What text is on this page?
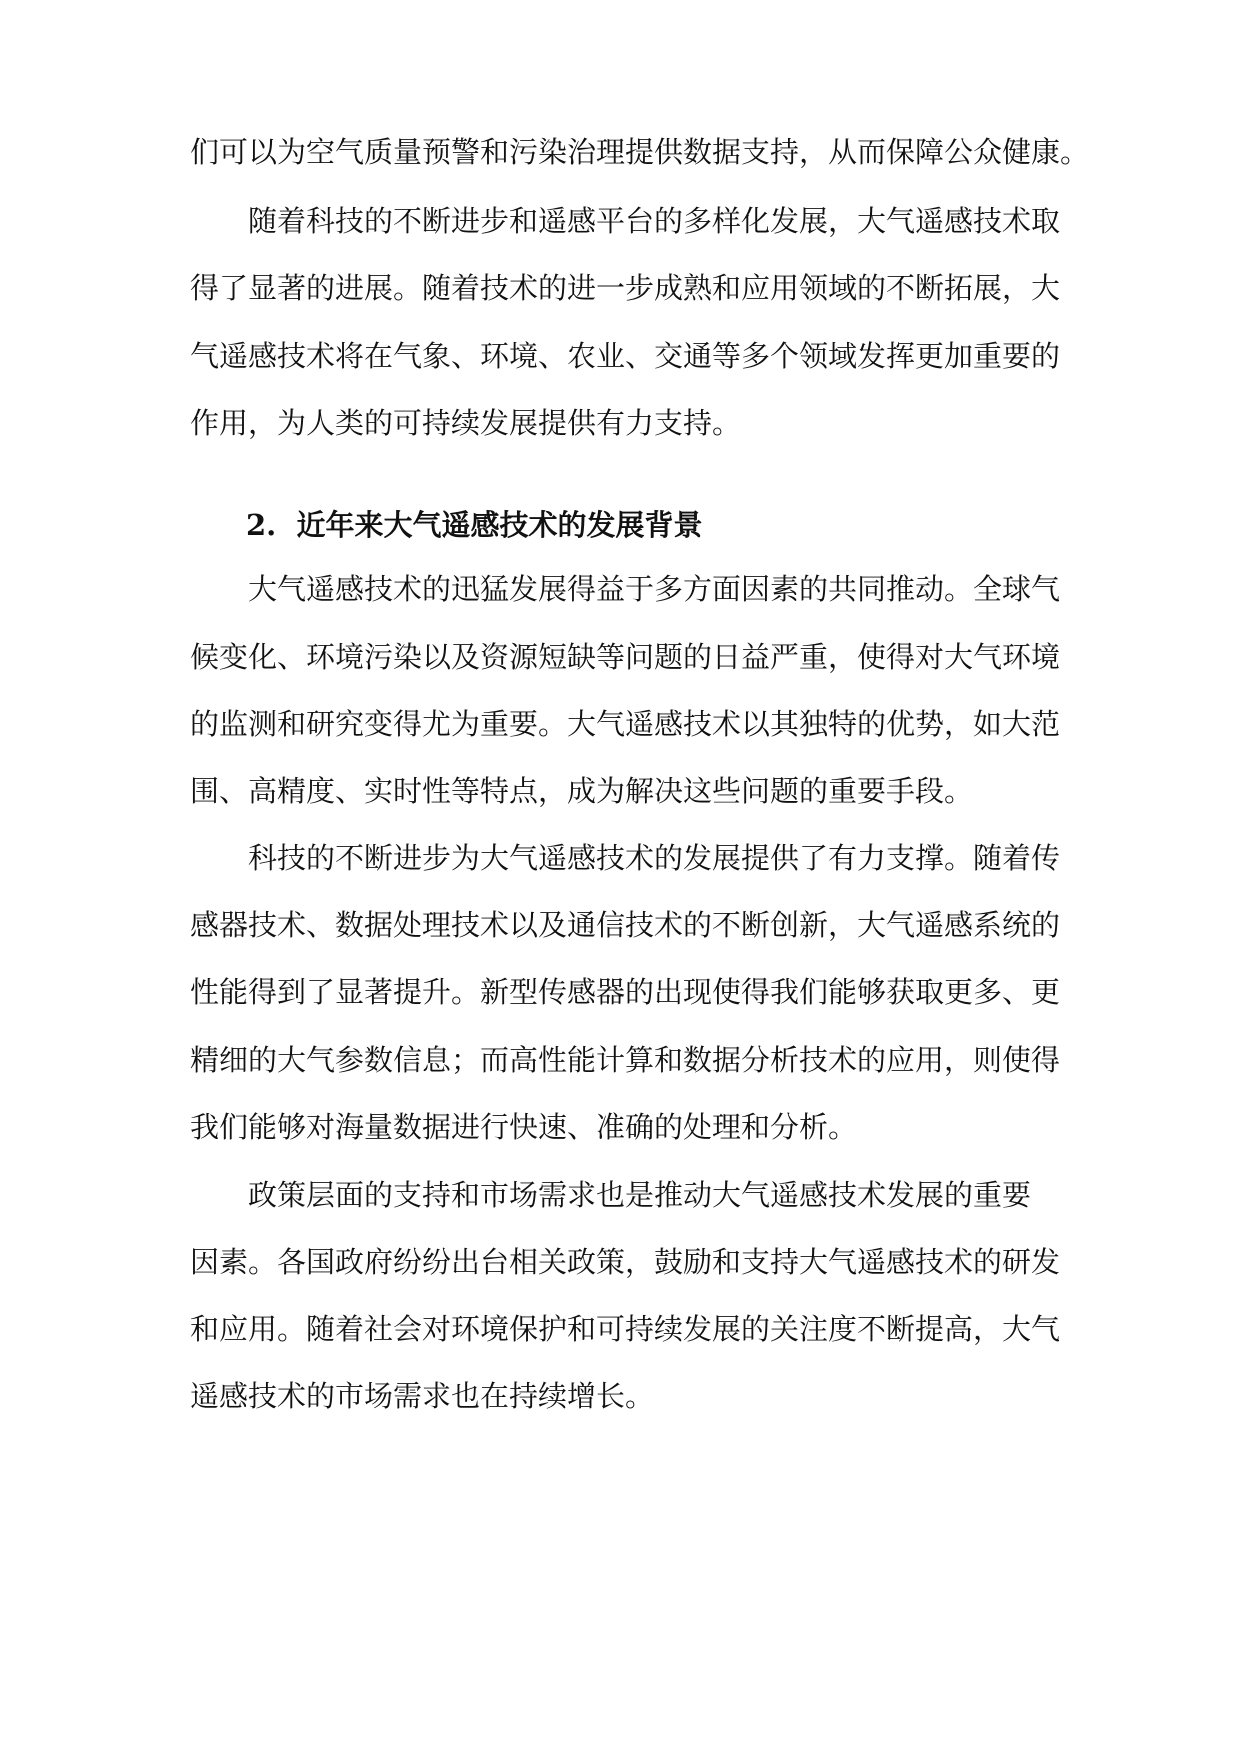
们可以为空气质量预警和污染治理提供数据支持，从而保障公众健康。
随着科技的不断进步和遥感平台的多样化发展，大气遥感技术取
得了显著的进展。随着技术的进一步成熟和应用领域的不断拓展，大
气遥感技术将在气象、环境、农业、交通等多个领域发挥更加重要的
作用，为人类的可持续发展提供有力支持。
2. 近年来大气遥感技术的发展背景
大气遥感技术的迅猛发展得益于多方面因素的共同推动。全球气
候变化、环境污染以及资源短缺等问题的日益严重，使得对大气环境
的监测和研究变得尤为重要。大气遥感技术以其独特的优势，如大范
围、高精度、实时性等特点，成为解决这些问题的重要手段。
科技的不断进步为大气遥感技术的发展提供了有力支撑。随着传
感器技术、数据处理技术以及通信技术的不断创新，大气遥感系统的
性能得到了显著提升。新型传感器的出现使得我们能够获取更多、更
精细的大气参数信息；而高性能计算和数据分析技术的应用，则使得
我们能够对海量数据进行快速、准确的处理和分析。
政策层面的支持和市场需求也是推动大气遥感技术发展的重要
因素。各国政府纷纷出台相关政策，鼓励和支持大气遥感技术的研发
和应用。随着社会对环境保护和可持续发展的关注度不断提高，大气
遥感技术的市场需求也在持续增长。
